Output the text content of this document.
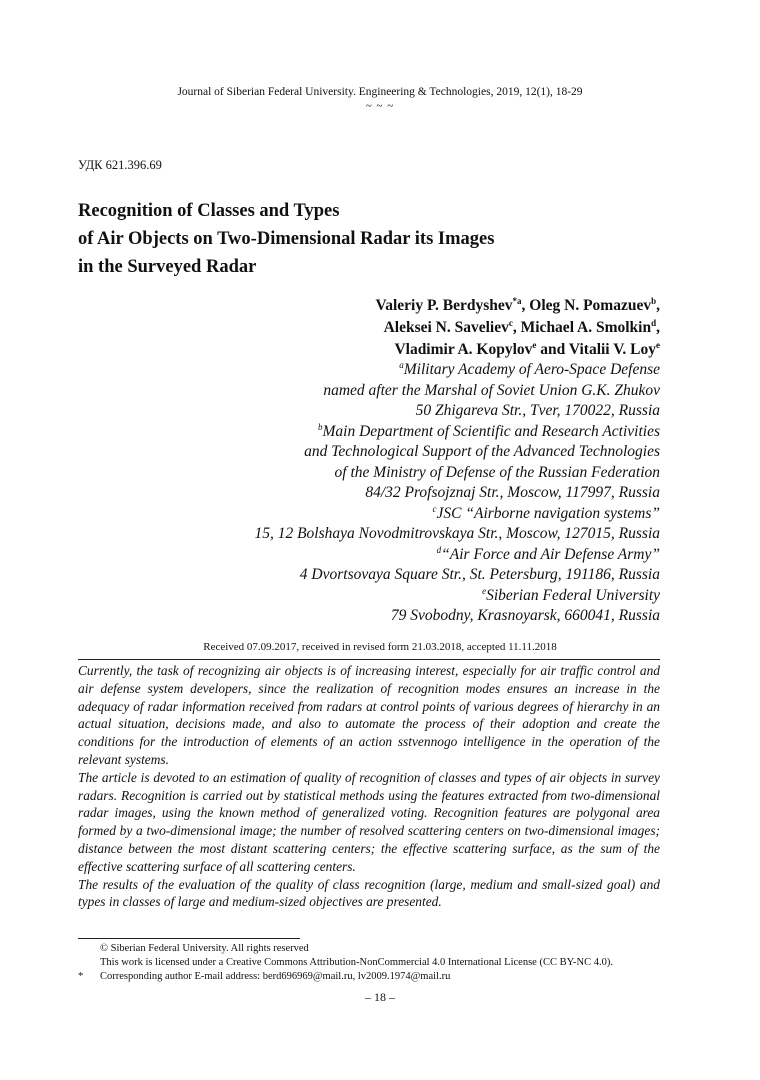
Journal of Siberian Federal University. Engineering & Technologies, 2019, 12(1), 18-29
~ ~ ~
УДК 621.396.69
Recognition of Classes and Types
of Air Objects on Two-Dimensional Radar its Images
in the Surveyed Radar
Valeriy P. Berdyshev$^{*a}$, Oleg N. Pomazuev$^b$,
Aleksei N. Saveliev$^c$, Michael A. Smolkin$^d$,
Vladimir A. Kopylov$^e$ and Vitalii V. Loy$^e$
$^a$Military Academy of Aero-Space Defense
named after the Marshal of Soviet Union G.K. Zhukov
50 Zhigareva Str., Tver, 170022, Russia
$^b$Main Department of Scientific and Research Activities
and Technological Support of the Advanced Technologies
of the Ministry of Defense of the Russian Federation
84/32 Profsojznaj Str., Moscow, 117997, Russia
$^c$JSC “Airborne navigation systems”
15, 12 Bolshaya Novodmitrovskaya Str., Moscow, 127015, Russia
$^d$“Air Force and Air Defense Army”
4 Dvortsovaya Square Str., St. Petersburg, 191186, Russia
$^e$Siberian Federal University
79 Svobodny, Krasnoyarsk, 660041, Russia
Received 07.09.2017, received in revised form 21.03.2018, accepted 11.11.2018

Currently, the task of recognizing air objects is of increasing interest, especially for air traffic control and air defense system developers, since the realization of recognition modes ensures an increase in the adequacy of radar information received from radars at control points of various degrees of hierarchy in an actual situation, decisions made, and also to automate the process of their adoption and create the conditions for the introduction of elements of an action sstvennogo intelligence in the operation of the relevant systems.

The article is devoted to an estimation of quality of recognition of classes and types of air objects in survey radars. Recognition is carried out by statistical methods using the features extracted from two-dimensional radar images, using the known method of generalized voting. Recognition features are polygonal area formed by a two-dimensional image; the number of resolved scattering centers on two-dimensional images; distance between the most distant scattering centers; the effective scattering surface, as the sum of the effective scattering surface of all scattering centers.

The results of the evaluation of the quality of class recognition (large, medium and small-sized goal) and types in classes of large and medium-sized objectives are presented.

© Siberian Federal University. All rights reserved
This work is licensed under a Creative Commons Attribution-NonCommercial 4.0 International License (CC BY-NC 4.0).
*	Corresponding author E-mail address: berd696969@mail.ru, lv2009.1974@mail.ru
– 18 –
